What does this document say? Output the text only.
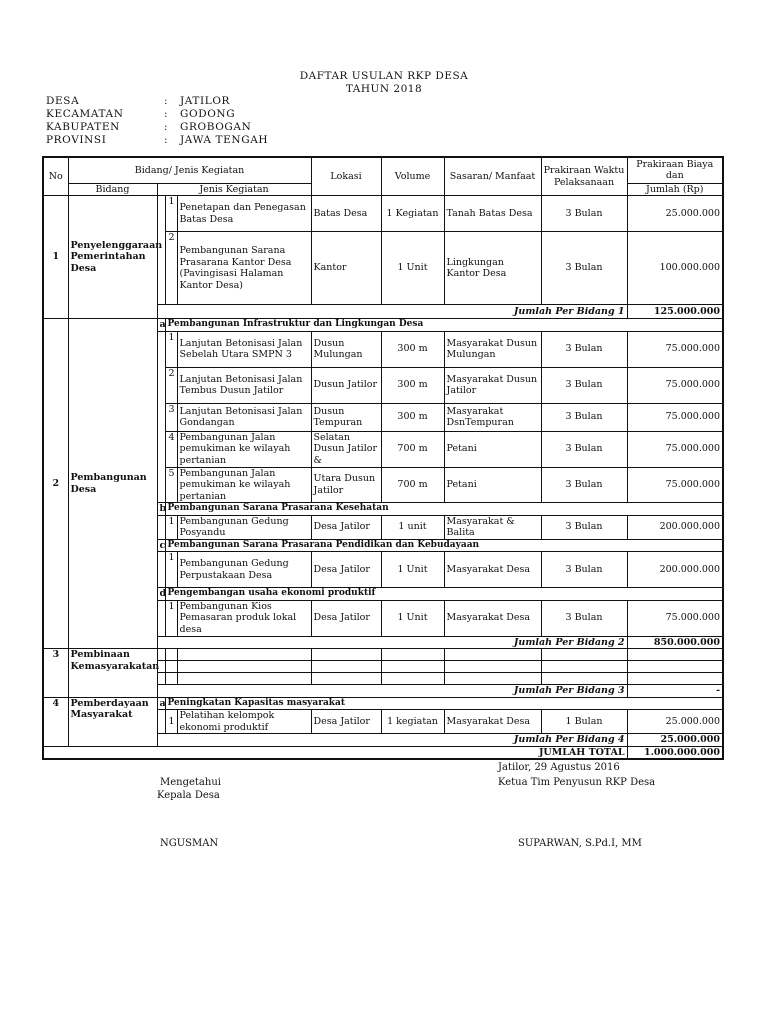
DAFTAR USULAN RKP DESA
TAHUN 2018
DESA	: JATILOR
KECAMATAN	: GODONG
KABUPATEN	: GROBOGAN
PROVINSI	: JAWA TENGAH
No	Bidang/ Jenis Kegiatan				Lokasi	Volume	Sasaran/ Manfaat	Prakiraan Waktu Pelaksanaan	Prakiraan Biaya dan
	Bidang	Jenis Kegiatan							Jumlah (Rp)
1	Penyelenggaraan Pemerintahan Desa		1	Penetapan dan Penegasan Batas Desa	Batas Desa	1 Kegiatan	Tanah Batas Desa	3 Bulan	25.000.000
			2	Pembangunan Sarana Prasarana Kantor Desa (Pavingisasi Halaman Kantor Desa)	Kantor	1 Unit	Lingkungan Kantor Desa	3 Bulan	100.000.000
		Jumlah Per Bidang 1							125.000.000
2	Pembangunan Desa	a	Pembangunan Infrastruktur dan Lingkungan Desa						
			1	Lanjutan Betonisasi Jalan Sebelah Utara SMPN 3	Dusun Mulungan	300 m	Masyarakat Dusun Mulungan	3 Bulan	75.000.000
			2	Lanjutan Betonisasi Jalan Tembus Dusun Jatilor	Dusun Jatilor	300 m	Masyarakat Dusun Jatilor	3 Bulan	75.000.000
			3	Lanjutan Betonisasi Jalan Gondangan	Dusun Tempuran	300 m	Masyarakat DsnTempuran	3 Bulan	75.000.000
			4	Pembangunan Jalan pemukiman ke wilayah pertanian	Selatan Dusun Jatilor &	700 m	Petani	3 Bulan	75.000.000
			5	Pembangunan Jalan pemukiman ke wilayah pertanian	Utara Dusun Jatilor	700 m	Petani	3 Bulan	75.000.000
		b	Pembangunan Sarana Prasarana Kesehatan						
			1	Pembangunan Gedung Posyandu	Desa Jatilor	1 unit	Masyarakat & Balita	3 Bulan	200.000.000
		c	Pembangunan Sarana Prasarana Pendidikan dan Kebudayaan						
			1	Pembangunan Gedung Perpustakaan Desa	Desa Jatilor	1 Unit	Masyarakat Desa	3 Bulan	200.000.000
		d	Pengembangan usaha ekonomi produktif						
			1	Pembangunan Kios Pemasaran produk lokal desa	Desa Jatilor	1 Unit	Masyarakat Desa	3 Bulan	75.000.000
		Jumlah Per Bidang 2							850.000.000

3	Pembinaan Kemasyarakatan								

		Jumlah Per Bidang 3							-
4	Pemberdayaan Masyarakat	a	Peningkatan Kapasitas masyarakat						
			1	Pelatihan kelompok ekonomi produktif	Desa Jatilor	1 kegiatan	Masyarakat Desa	1 Bulan	25.000.000
		Jumlah Per Bidang 4							25.000.000
JUMLAH TOTAL									1.000.000.000
Jatilor, 29 Agustus 2016
Ketua Tim Penyusun RKP Desa
Mengetahui
Kepala Desa
NGUSMAN	SUPARWAN, S.Pd.I, MM
